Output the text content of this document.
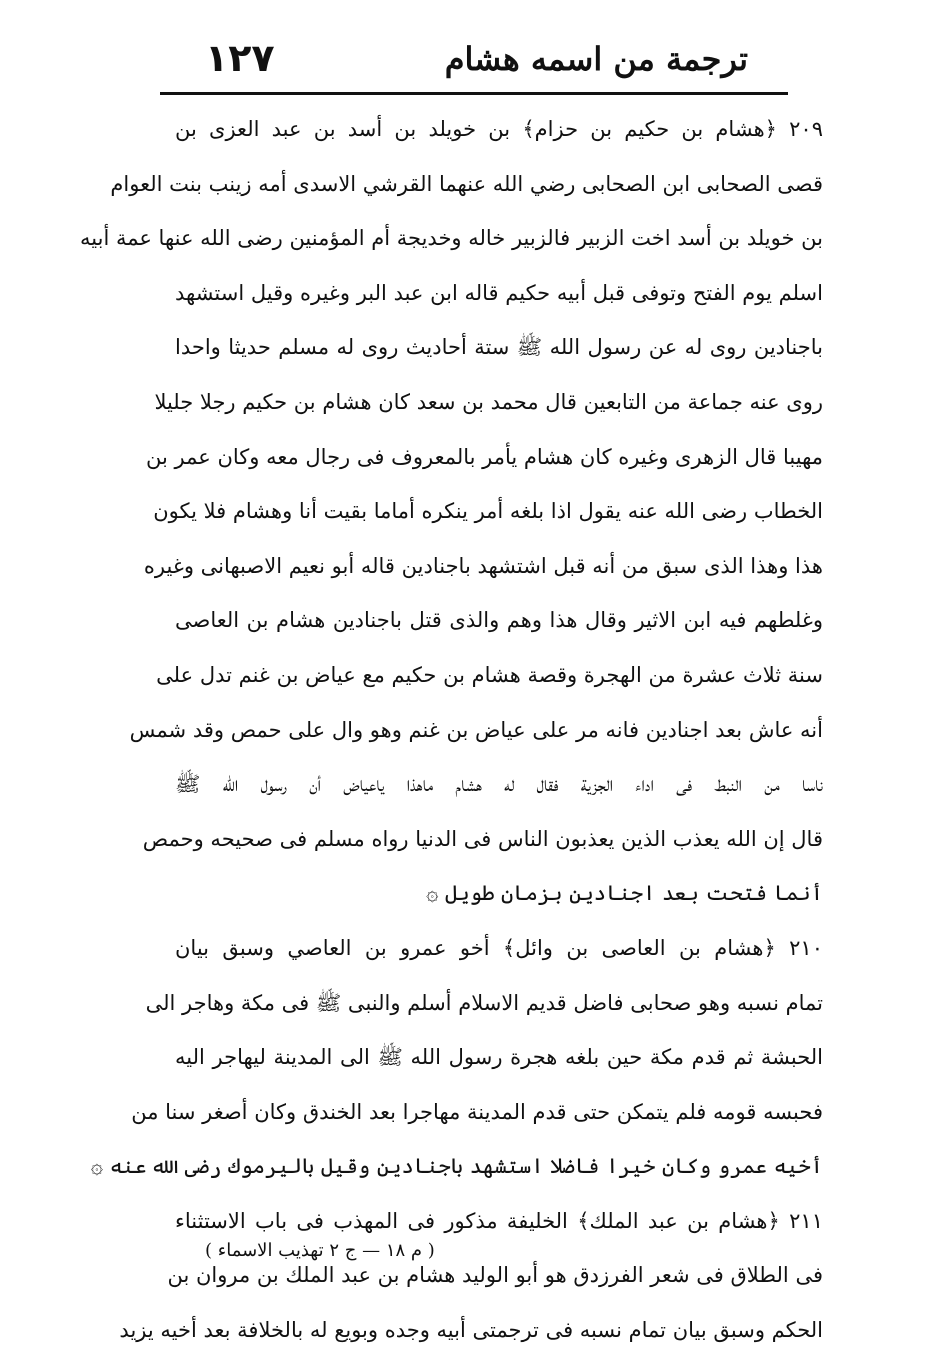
١٢٧	ترجمة من اسمه هشام
٢٠٩ ﴿هشام بن حكيم بن حزام﴾ بن خويلد بن أسد بن عبد العزى بن
قصى الصحابى ابن الصحابى رضي الله عنهما القرشي الاسدى أمه زينب بنت العوام
بن خويلد بن أسد اخت الزبير فالزبير خاله وخديجة أم المؤمنين رضى الله عنها عمة أبيه
اسلم يوم الفتح وتوفى قبل أبيه حكيم قاله ابن عبد البر وغيره وقيل استشهد
باجنادين روى له عن رسول الله ﷺ ستة أحاديث روى له مسلم حديثا واحدا
روى عنه جماعة من التابعين قال محمد بن سعد كان هشام بن حكيم رجلا جليلا
مهيبا قال الزهرى وغيره كان هشام يأمر بالمعروف فى رجال معه وكان عمر بن
الخطاب رضى الله عنه يقول اذا بلغه أمر ينكره أماما بقيت أنا وهشام فلا يكون
هذا وهذا الذى سبق من أنه قبل اشتشهد باجنادين قاله أبو نعيم الاصبهانى وغيره
وغلطهم فيه ابن الاثير وقال هذا وهم والذى قتل باجنادين هشام بن العاصى
سنة ثلاث عشرة من الهجرة وقصة هشام بن حكيم مع عياض بن غنم تدل على
أنه عاش بعد اجنادين فانه مر على عياض بن غنم وهو وال على حمص وقد شمس
ناسا من النبط فى اداء الجزية فقال له هشام ماهذا ياعياض أن رسول الله ﷺ
قال إن الله يعذب الذين يعذبون الناس فى الدنيا رواه مسلم فى صحيحه وحمص
أنما فتحت بعد اجنادين بزمان طويل ۞
٢١٠ ﴿هشام بن العاصى بن وائل﴾ أخو عمرو بن العاصي وسبق بيان
تمام نسبه وهو صحابى فاضل قديم الاسلام أسلم والنبى ﷺ فى مكة وهاجر الى
الحبشة ثم قدم مكة حين بلغه هجرة رسول الله ﷺ الى المدينة ليهاجر اليه
فحبسه قومه فلم يتمكن حتى قدم المدينة مهاجرا بعد الخندق وكان أصغر سنا من
أخيه عمرو وكان خيرا فاضلا استشهد باجنادين وقيل باليرموك رضى الله عنه ۞
٢١١ ﴿هشام بن عبد الملك﴾ الخليفة مذكور فى المهذب فى باب الاستثناء
فى الطلاق فى شعر الفرزدق هو أبو الوليد هشام بن عبد الملك بن مروان بن
الحكم وسبق بيان تمام نسبه فى ترجمتى أبيه وجده وبويع له بالخلافة بعد أخيه يزيد
( م ١٨ — ج ٢ تهذيب الاسماء )
